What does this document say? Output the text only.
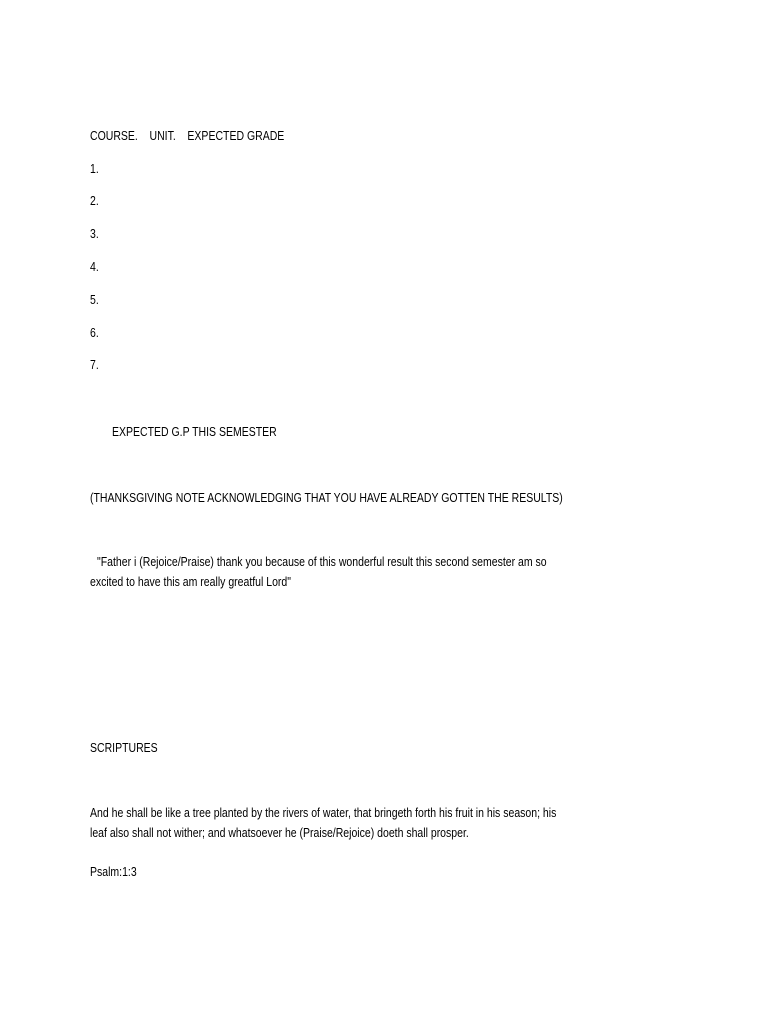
COURSE.    UNIT.    EXPECTED GRADE
1.
2.
3.
4.
5.
6.
7.
EXPECTED G.P THIS SEMESTER
(THANKSGIVING NOTE ACKNOWLEDGING THAT YOU HAVE ALREADY GOTTEN THE RESULTS)
"Father i (Rejoice/Praise) thank you because of this wonderful result this second semester am so
excited to have this am really greatful Lord"
SCRIPTURES
And he shall be like a tree planted by the rivers of water, that bringeth forth his fruit in his season; his
leaf also shall not wither; and whatsoever he (Praise/Rejoice) doeth shall prosper.
Psalm:1:3
